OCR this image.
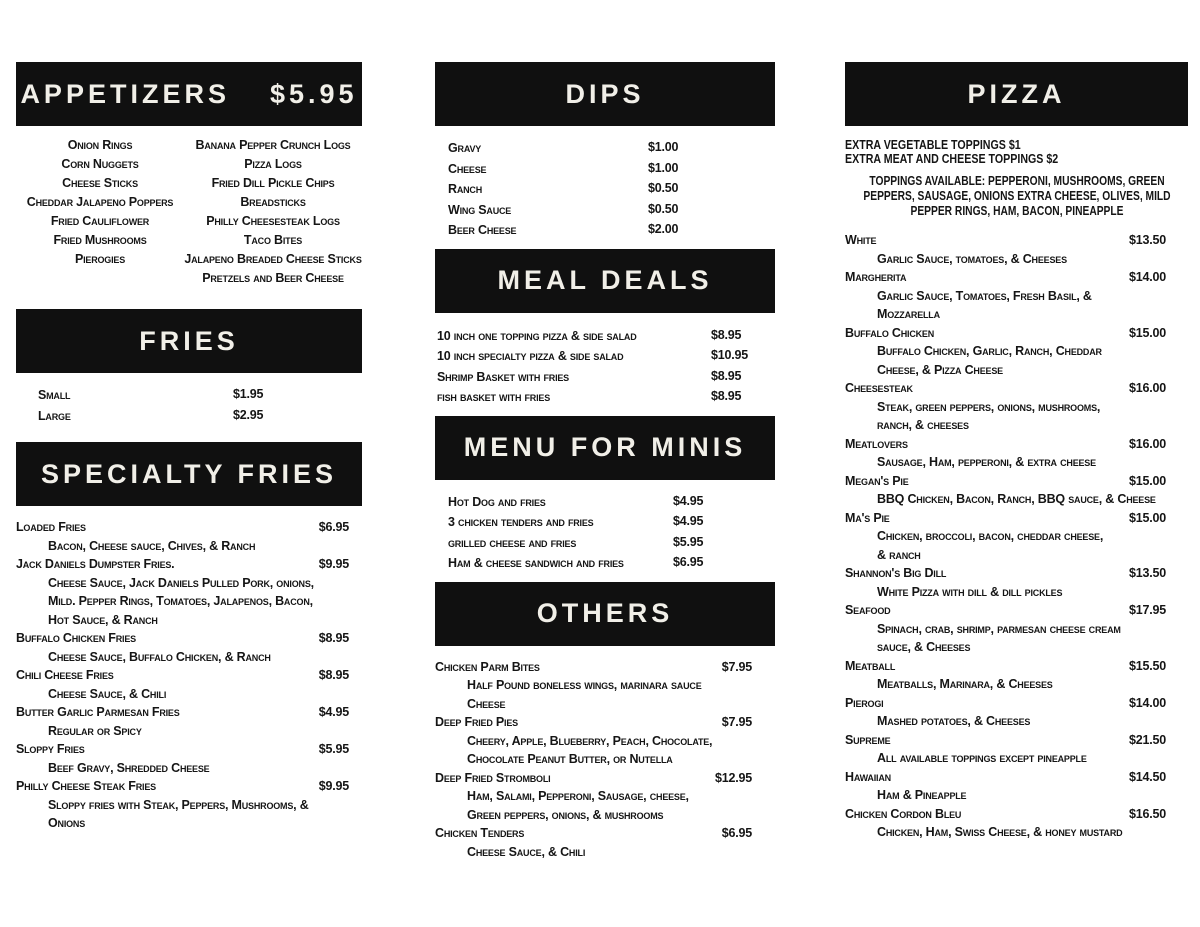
APPETIZERS $5.95
Onion Rings
Corn Nuggets
Cheese Sticks
Cheddar Jalapeno Poppers
Fried Cauliflower
Fried Mushrooms
Pierogies
Banana Pepper Crunch Logs
Pizza Logs
Fried Dill Pickle Chips
Breadsticks
Philly Cheesesteak Logs
Taco Bites
Jalapeno Breaded Cheese Sticks
Pretzels and Beer Cheese
FRIES
Small	$1.95
Large	$2.95
SPECIALTY FRIES
Loaded Fries	$6.95
Bacon, Cheese sauce, Chives, & Ranch
Jack Daniels Dumpster Fries.	$9.95
Cheese Sauce, Jack Daniels Pulled Pork, onions,
Mild. Pepper Rings, Tomatoes, Jalapenos, Bacon,
Hot Sauce, & Ranch
Buffalo Chicken Fries	$8.95
Cheese Sauce, Buffalo Chicken, & Ranch
Chili Cheese Fries	$8.95
Cheese Sauce, & Chili
Butter Garlic Parmesan Fries	$4.95
Regular or Spicy
Sloppy Fries	$5.95
Beef Gravy, Shredded Cheese
Philly Cheese Steak Fries	$9.95
Sloppy fries with Steak, Peppers, Mushrooms, &
Onions
DIPS
Gravy	$1.00
Cheese	$1.00
Ranch	$0.50
Wing Sauce	$0.50
Beer Cheese	$2.00
MEAL DEALS
10 inch one topping pizza & side salad	$8.95
10 inch specialty pizza & side salad	$10.95
Shrimp Basket with fries	$8.95
fish basket with fries	$8.95
MENU FOR MINIS
Hot Dog and fries	$4.95
3 chicken tenders and fries	$4.95
grilled cheese and fries	$5.95
Ham & cheese sandwich and fries	$6.95
OTHERS
Chicken Parm Bites	$7.95
Half Pound boneless wings, marinara sauce
Cheese
Deep Fried Pies	$7.95
Cheery, Apple, Blueberry, Peach, Chocolate,
Chocolate Peanut Butter, or Nutella
Deep Fried Stromboli	$12.95
Ham, Salami, Pepperoni, Sausage, cheese,
Green peppers, onions, & mushrooms
Chicken Tenders	$6.95
Cheese Sauce, & Chili
PIZZA
EXTRA VEGETABLE TOPPINGS $1
EXTRA MEAT AND CHEESE TOPPINGS $2
TOPPINGS AVAILABLE: PEPPERONI, MUSHROOMS, GREEN PEPPERS, SAUSAGE, ONIONS EXTRA CHEESE, OLIVES, MILD PEPPER RINGS, HAM, BACON, PINEAPPLE
White	$13.50
Garlic Sauce, tomatoes, & Cheeses
Margherita	$14.00
Garlic Sauce, Tomatoes, Fresh Basil, &
Mozzarella
Buffalo Chicken	$15.00
Buffalo Chicken, Garlic, Ranch, Cheddar
Cheese, & Pizza Cheese
Cheesesteak	$16.00
Steak, green peppers, onions, mushrooms,
ranch, & cheeses
Meatlovers	$16.00
Sausage, Ham, pepperoni, & extra cheese
Megan's Pie	$15.00
BBQ Chicken, Bacon, Ranch, BBQ sauce, & Cheese
Ma's Pie	$15.00
Chicken, broccoli, bacon, cheddar cheese,
& ranch
Shannon's Big Dill	$13.50
White Pizza with dill & dill pickles
Seafood	$17.95
Spinach, crab, shrimp, parmesan cheese cream
sauce, & Cheeses
Meatball	$15.50
Meatballs, Marinara, & Cheeses
Pierogi	$14.00
Mashed potatoes, & Cheeses
Supreme	$21.50
All available toppings except pineapple
Hawaiian	$14.50
Ham & Pineapple
Chicken Cordon Bleu	$16.50
Chicken, Ham, Swiss Cheese, & honey mustard
